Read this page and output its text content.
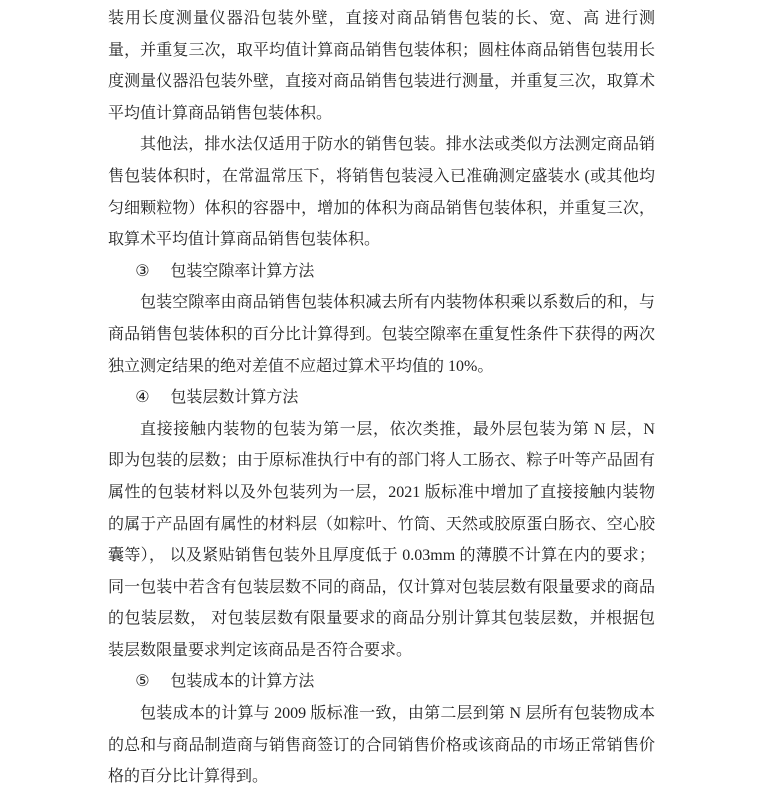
装用长度测量仪器沿包装外壁，直接对商品销售包装的长、宽、高 进行测量，并重复三次，取平均值计算商品销售包装体积；圆柱体商品销售包装用长度测量仪器沿包装外壁，直接对商品销售包装进行测量，并重复三次，取算术平均值计算商品销售包装体积。

其他法，排水法仅适用于防水的销售包装。排水法或类似方法测定商品销售包装体积时，在常温常压下，将销售包装浸入已准确测定盛装水 (或其他均匀细颗粒物）体积的容器中，增加的体积为商品销售包装体积，并重复三次，取算术平均值计算商品销售包装体积。

③ 包装空隙率计算方法

包装空隙率由商品销售包装体积减去所有内装物体积乘以系数后的和，与商品销售包装体积的百分比计算得到。包装空隙率在重复性条件下获得的两次独立测定结果的绝对差值不应超过算术平均值的 10%。

④ 包装层数计算方法

直接接触内装物的包装为第一层，依次类推，最外层包装为第 N 层，N 即为包装的层数；由于原标准执行中有的部门将人工肠衣、粽子叶等产品固有属性的包装材料以及外包装列为一层，2021 版标准中增加了直接接触内装物的属于产品固有属性的材料层（如粽叶、竹筒、天然或胶原蛋白肠衣、空心胶囊等）， 以及紧贴销售包装外且厚度低于 0.03mm 的薄膜不计算在内的要求；同一包装中若含有包装层数不同的商品，仅计算对包装层数有限量要求的商品的包装层数， 对包装层数有限量要求的商品分别计算其包装层数，并根据包装层数限量要求判定该商品是否符合要求。

⑤ 包装成本的计算方法

包装成本的计算与 2009 版标准一致，由第二层到第 N 层所有包装物成本的总和与商品制造商与销售商签订的合同销售价格或该商品的市场正常销售价格的百分比计算得到。
